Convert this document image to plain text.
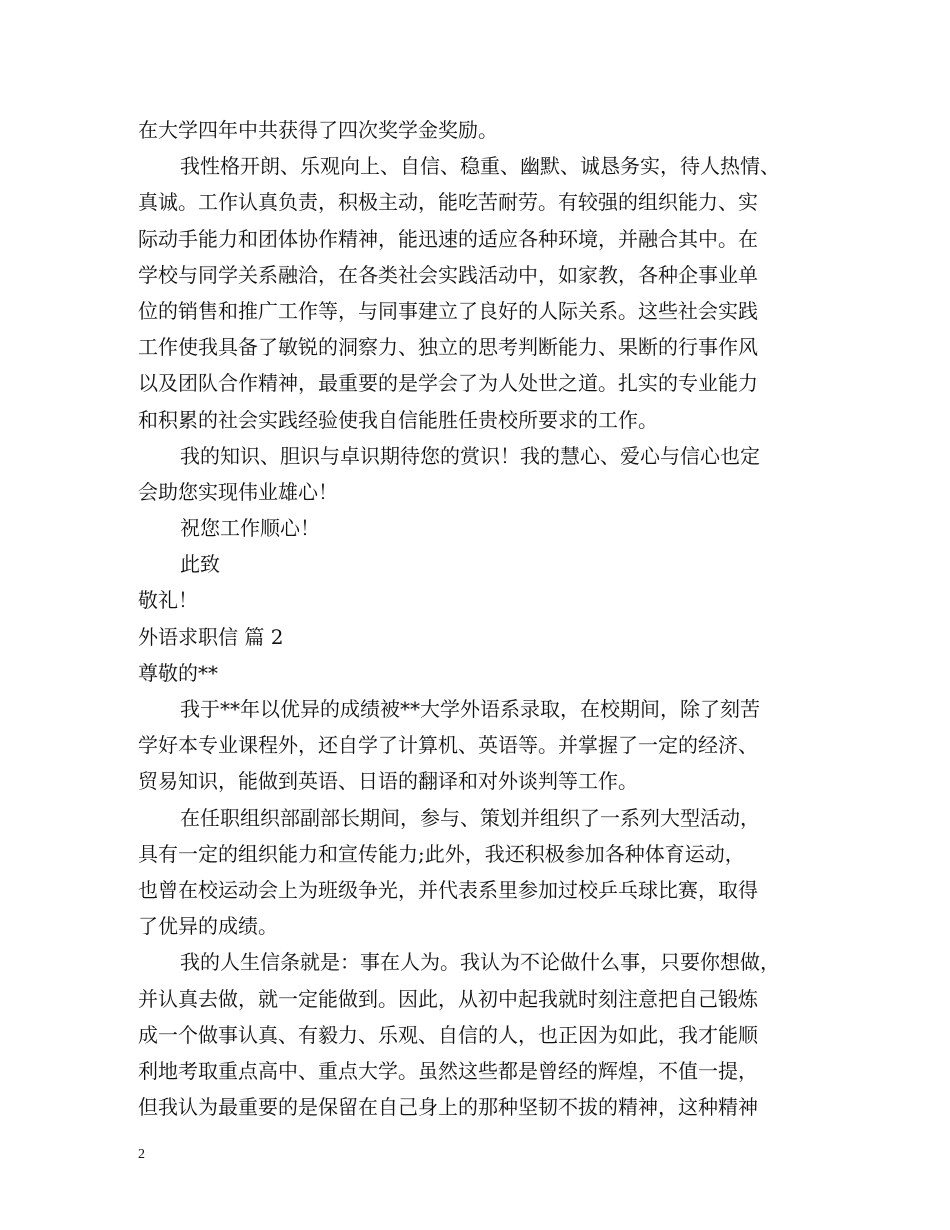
在大学四年中共获得了四次奖学金奖励。

我性格开朗、乐观向上、自信、稳重、幽默、诚恳务实，待人热情、

真诚。工作认真负责，积极主动，能吃苦耐劳。有较强的组织能力、实

际动手能力和团体协作精神，能迅速的适应各种环境，并融合其中。在

学校与同学关系融洽，在各类社会实践活动中，如家教，各种企事业单

位的销售和推广工作等，与同事建立了良好的人际关系。这些社会实践

工作使我具备了敏锐的洞察力、独立的思考判断能力、果断的行事作风

以及团队合作精神，最重要的是学会了为人处世之道。扎实的专业能力

和积累的社会实践经验使我自信能胜任贵校所要求的工作。

我的知识、胆识与卓识期待您的赏识！我的慧心、爱心与信心也定

会助您实现伟业雄心！

祝您工作顺心！

此致

敬礼！

外语求职信 篇 2

尊敬的**

我于**年以优异的成绩被**大学外语系录取，在校期间，除了刻苦

学好本专业课程外，还自学了计算机、英语等。并掌握了一定的经济、

贸易知识，能做到英语、日语的翻译和对外谈判等工作。

在任职组织部副部长期间，参与、策划并组织了一系列大型活动，

具有一定的组织能力和宣传能力;此外，我还积极参加各种体育运动，

也曾在校运动会上为班级争光，并代表系里参加过校乒乓球比赛，取得

了优异的成绩。

我的人生信条就是：事在人为。我认为不论做什么事，只要你想做，

并认真去做，就一定能做到。因此，从初中起我就时刻注意把自己锻炼

成一个做事认真、有毅力、乐观、自信的人，也正因为如此，我才能顺

利地考取重点高中、重点大学。虽然这些都是曾经的辉煌，不值一提，

但我认为最重要的是保留在自己身上的那种坚韧不拔的精神，这种精神

2
